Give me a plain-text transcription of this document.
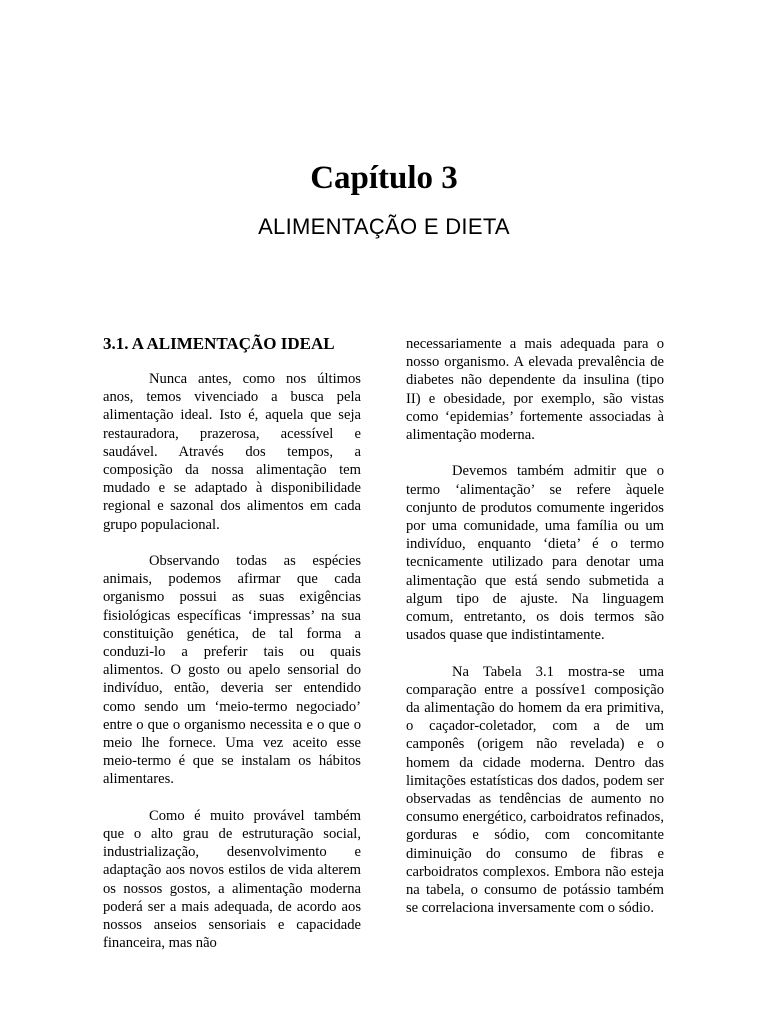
Capítulo 3
ALIMENTAÇÃO E DIETA
3.1. A ALIMENTAÇÃO IDEAL

Nunca antes, como nos últimos anos, temos vivenciado a busca pela alimentação ideal. Isto é, aquela que seja restauradora, prazerosa, acessível e saudável. Através dos tempos, a composição da nossa alimentação tem mudado e se adaptado à disponibilidade regional e sazonal dos alimentos em cada grupo populacional.

Observando todas as espécies animais, podemos afirmar que cada organismo possui as suas exigências fisiológicas específicas ‘impressas’ na sua constituição genética, de tal forma a conduzi-lo a preferir tais ou quais alimentos. O gosto ou apelo sensorial do indivíduo, então, deveria ser entendido como sendo um ‘meio-termo negociado’ entre o que o organismo necessita e o que o meio lhe fornece. Uma vez aceito esse meio-termo é que se instalam os hábitos alimentares.

Como é muito provável também que o alto grau de estruturação social, industrialização, desenvolvimento e adaptação aos novos estilos de vida alterem os nossos gostos, a alimentação moderna poderá ser a mais adequada, de acordo aos nossos anseios sensoriais e capacidade financeira, mas não

necessariamente a mais adequada para o nosso organismo. A elevada prevalência de diabetes não dependente da insulina (tipo II) e obesidade, por exemplo, são vistas como ‘epidemias’ fortemente associadas à alimentação moderna.

Devemos também admitir que o termo ‘alimentação’ se refere àquele conjunto de produtos comumente ingeridos por uma comunidade, uma família ou um indivíduo, enquanto ‘dieta’ é o termo tecnicamente utilizado para denotar uma alimentação que está sendo submetida a algum tipo de ajuste. Na linguagem comum, entretanto, os dois termos são usados quase que indistintamente.

Na Tabela 3.1 mostra-se uma comparação entre a possíve1 composição da alimentação do homem da era primitiva, o caçador-coletador, com a de um camponês (origem não revelada) e o homem da cidade moderna. Dentro das limitações estatísticas dos dados, podem ser observadas as tendências de aumento no consumo energético, carboidratos refinados, gorduras e sódio, com concomitante diminuição do consumo de fibras e carboidratos complexos. Embora não esteja na tabela, o consumo de potássio também se correlaciona inversamente com o sódio.
